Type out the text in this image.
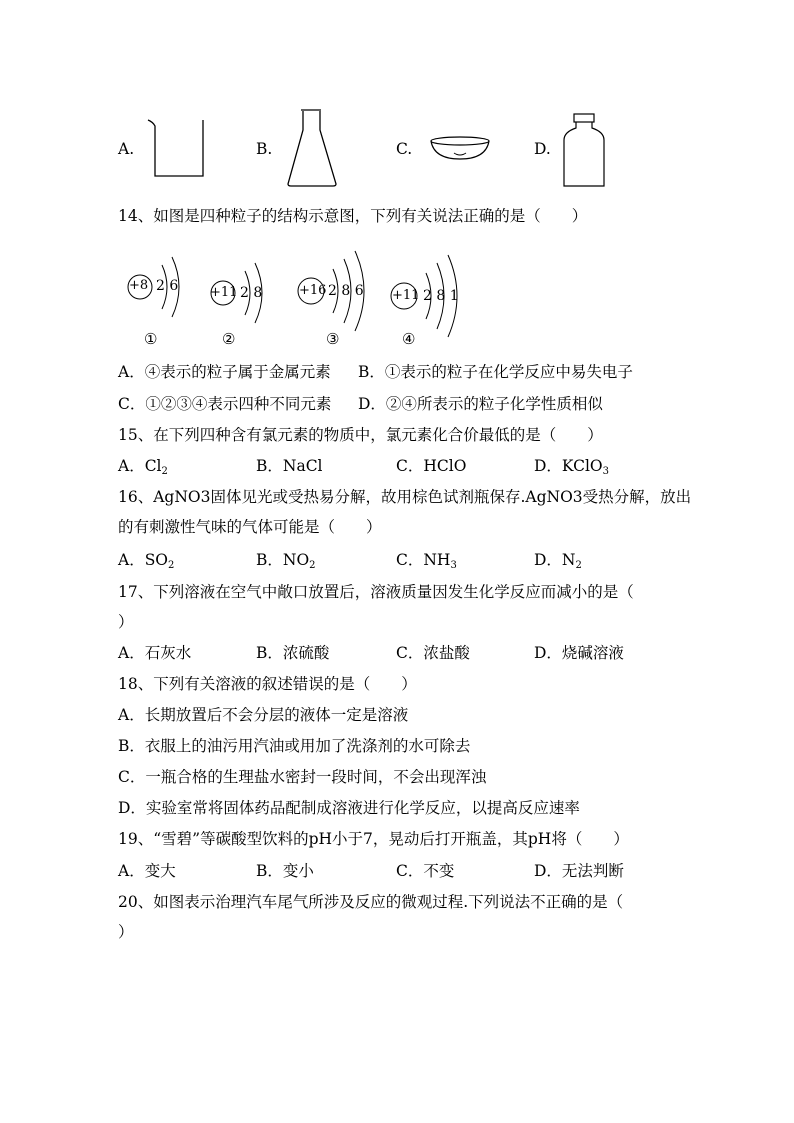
A.	B.	C.	D.
14、如图是四种粒子的结构示意图，下列有关说法正确的是（　　）
+8 2 6
①
+11 2 8
②
+16 2 8 6
③
+11 2 8 1
④
A．④表示的粒子属于金属元素 B．①表示的粒子在化学反应中易失电子
C．①②③④表示四种不同元素 D．②④所表示的粒子化学性质相似
15、在下列四种含有氯元素的物质中，氯元素化合价最低的是（　　）
A．$Cl_2$	B．NaCl	C．HClO	D．KClO$_3$
16、AgNO3固体见光或受热易分解，故用棕色试剂瓶保存.AgNO3受热分解，放出
的有刺激性气味的气体可能是（　　）
A．$SO_2$	B．$NO_2$	C．$NH_3$	D．$N_2$
17、下列溶液在空气中敞口放置后，溶液质量因发生化学反应而减小的是（
）
A．石灰水	B．浓硫酸	C．浓盐酸	D．烧碱溶液
18、下列有关溶液的叙述错误的是（　　）
A．长期放置后不会分层的液体一定是溶液
B．衣服上的油污用汽油或用加了洗涤剂的水可除去
C．一瓶合格的生理盐水密封一段时间，不会出现浑浊
D．实验室常将固体药品配制成溶液进行化学反应，以提高反应速率
19、“雪碧”等碳酸型饮料的pH小于7，晃动后打开瓶盖，其pH将（　　）
A．变大	B．变小	C．不变	D．无法判断
20、如图表示治理汽车尾气所涉及反应的微观过程.下列说法不正确的是（
）
